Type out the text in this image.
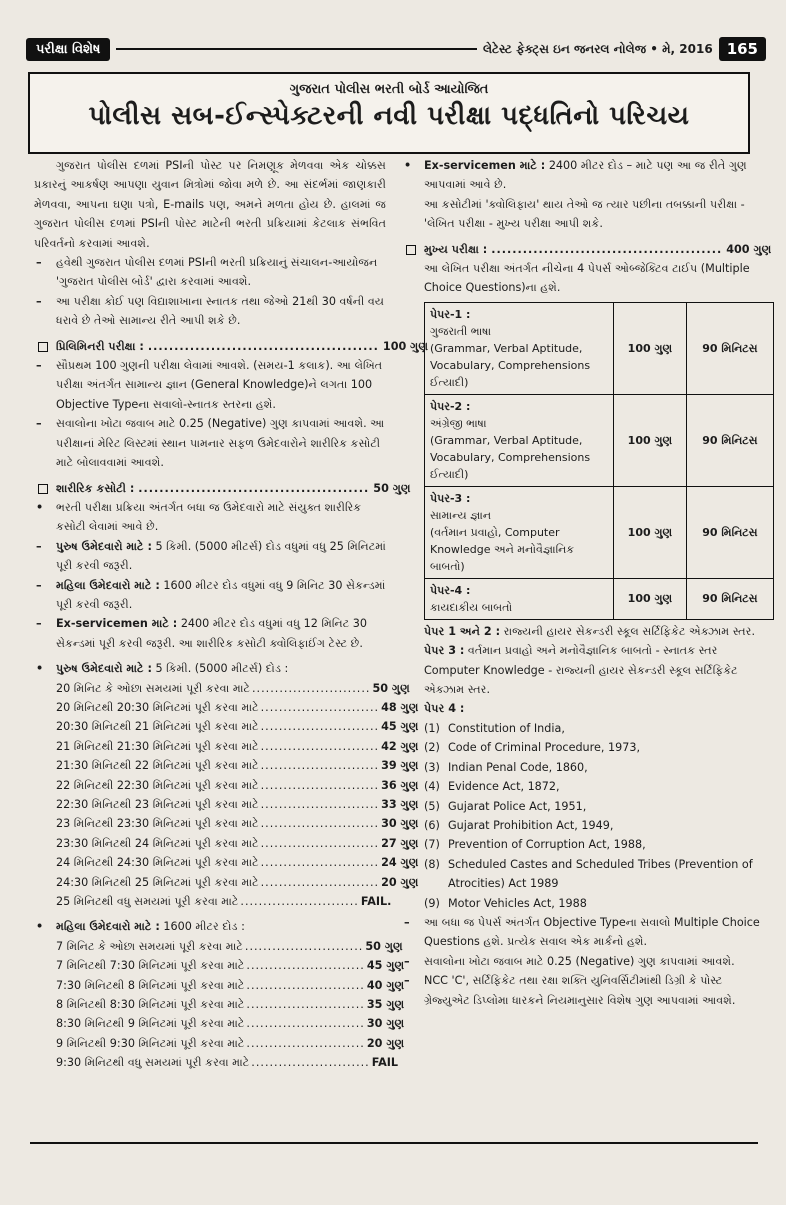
પરીક્ષા વિશેષ	લેટેસ્ટ ફેક્ટ્સ ઇન જનરલ નોલેજ • મે, 2016 165
ગુજરાત પોલીસ ભરતી બોર્ડ આયોજિત
પોલીસ સબ-ઈન્સ્પેક્ટરની નવી પરીક્ષા પદ્ધતિનો પરિચય

ગુજરાત પોલીસ દળમાં PSIની પોસ્ટ પર નિમણૂક મેળવવા એક ચોક્કસ પ્રકારનું આકર્ષણ આપણા યુવાન મિત્રોમાં જોવા મળે છે. આ સંદર્ભમાં જાણકારી મેળવવા, આપના ઘણા પત્રો, E-mails પણ, અમને મળતા હોય છે. હાલમાં જ ગુજરાત પોલીસ દળમાં PSIની પોસ્ટ માટેની ભરતી પ્રક્રિયામાં કેટલાક સંભવિત પરિવર્તનો કરવામાં આવશે.

– હવેથી ગુજરાત પોલીસ દળમાં PSIની ભરતી પ્રક્રિયાનું સંચાલન-આયોજન 'ગુજરાત પોલીસ બોર્ડ' દ્વારા કરવામાં આવશે.
– આ પરીક્ષા કોઈ પણ વિદ્યાશાખાના સ્નાતક તથા જેઓ 21થી 30 વર્ષની વય ધરાવે છે તેઓ સામાન્ય રીતે આપી શકે છે.
પ્રિલિમિનરી પરીક્ષા : ............................................ 100 ગુણ
– સૌપ્રથમ 100 ગુણની પરીક્ષા લેવામાં આવશે. (સમય-1 કલાક). આ લેખિત પરીક્ષા અંતર્ગત સામાન્ય જ્ઞાન (General Knowledge)ને લગતા 100 Objective Typeના સવાલો-સ્નાતક સ્તરના હશે.
– સવાલોના ખોટા જવાબ માટે 0.25 (Negative) ગુણ કાપવામાં આવશે. આ પરીક્ષાનાં મેરિટ લિસ્ટમાં સ્થાન પામનાર સફળ ઉમેદવારોને શારીરિક કસોટી માટે બોલાવવામાં આવશે.
શારીરિક કસોટી : ............................................ 50 ગુણ
• ભરતી પરીક્ષા પ્રક્રિયા અંતર્ગત બધા જ ઉમેદવારો માટે સંયુક્ત શારીરિક કસોટી લેવામાં આવે છે.
– પુરુષ ઉમેદવારો માટે : 5 કિમી. (5000 મીટર્સ) દોડ વધુમાં વધુ 25 મિનિટમાં પૂરી કરવી જરૂરી.
– મહિલા ઉમેદવારો માટે : 1600 મીટર દોડ વધુમાં વધુ 9 મિનિટ 30 સેકન્ડમાં પૂરી કરવી જરૂરી.
– Ex-servicemen માટે : 2400 મીટર દોડ વધુમાં વધુ 12 મિનિટ 30 સેકન્ડમાં પૂરી કરવી જરૂરી. આ શારીરિક કસોટી ક્વોલિફાઈંગ ટેસ્ટ છે.
• પુરુષ ઉમેદવારો માટે : 5 કિમી. (5000 મીટર્સ) દોડ :
20 મિનિટ કે ઓછા સમયમાં પૂરી કરવા માટે .......................... 50 ગુણ
20 મિનિટથી 20:30 મિનિટમાં પૂરી કરવા માટે .......................... 48 ગુણ
20:30 મિનિટથી 21 મિનિટમાં પૂરી કરવા માટે .......................... 45 ગુણ
21 મિનિટથી 21:30 મિનિટમાં પૂરી કરવા માટે .......................... 42 ગુણ
21:30 મિનિટથી 22 મિનિટમાં પૂરી કરવા માટે .......................... 39 ગુણ
22 મિનિટથી 22:30 મિનિટમાં પૂરી કરવા માટે .......................... 36 ગુણ
22:30 મિનિટથી 23 મિનિટમાં પૂરી કરવા માટે .......................... 33 ગુણ
23 મિનિટથી 23:30 મિનિટમાં પૂરી કરવા માટે .......................... 30 ગુણ
23:30 મિનિટથી 24 મિનિટમાં પૂરી કરવા માટે .......................... 27 ગુણ
24 મિનિટથી 24:30 મિનિટમાં પૂરી કરવા માટે .......................... 24 ગુણ
24:30 મિનિટથી 25 મિનિટમાં પૂરી કરવા માટે .......................... 20 ગુણ
25 મિનિટથી વધુ સમયમાં પૂરી કરવા માટે .......................... FAIL.
• મહિલા ઉમેદવારો માટે : 1600 મીટર દોડ :
7 મિનિટ કે ઓછા સમયમાં પૂરી કરવા માટે .......................... 50 ગુણ
7 મિનિટથી 7:30 મિનિટમાં પૂરી કરવા માટે .......................... 45 ગુણ
7:30 મિનિટથી 8 મિનિટમાં પૂરી કરવા માટે .......................... 40 ગુણ
8 મિનિટથી 8:30 મિનિટમાં પૂરી કરવા માટે .......................... 35 ગુણ
8:30 મિનિટથી 9 મિનિટમાં પૂરી કરવા માટે .......................... 30 ગુણ
9 મિનિટથી 9:30 મિનિટમાં પૂરી કરવા માટે .......................... 20 ગુણ
9:30 મિનિટથી વધુ સમયમાં પૂરી કરવા માટે .......................... FAIL
• Ex-servicemen માટે : 2400 મીટર દોડ – માટે પણ આ જ રીતે ગુણ આપવામાં આવે છે.
આ કસોટીમાં 'ક્વોલિફાય' થાય તેઓ જ ત્યાર પછીના તબક્કાની પરીક્ષા - 'લેખિત પરીક્ષા - મુખ્ય પરીક્ષા આપી શકે.
મુખ્ય પરીક્ષા : ............................................ 400 ગુણ
આ લેખિત પરીક્ષા અંતર્ગત નીચેના 4 પેપર્સ ઓબ્જેક્ટિવ ટાઈપ (Multiple Choice Questions)ના હશે.
પેપર-1 :
ગુજરાતી ભાષા
(Grammar, Verbal Aptitude, Vocabulary, Comprehensions ઈત્યાદી)	100 ગુણ	90 મિનિટસ

પેપર-2 :
અંગ્રેજી ભાષા
(Grammar, Verbal Aptitude, Vocabulary, Comprehensions ઈત્યાદી)	100 ગુણ	90 મિનિટસ

પેપર-3 :
સામાન્ય જ્ઞાન
(વર્તમાન પ્રવાહો, Computer Knowledge અને મનોવૈજ્ઞાનિક બાબતો)	100 ગુણ	90 મિનિટસ

પેપર-4 :
કાયદાકીય બાબતો	100 ગુણ	90 મિનિટસ
પેપર 1 અને 2 : રાજ્યની હાયર સેકન્ડરી સ્કૂલ સર્ટિફિકેટ એક્ઝામ સ્તર.
પેપર 3 : વર્તમાન પ્રવાહો અને મનોવૈજ્ઞાનિક બાબતો - સ્નાતક સ્તર Computer Knowledge - રાજ્યની હાયર સેકન્ડરી સ્કૂલ સર્ટિફિકેટ એક્ઝામ સ્તર.
પેપર 4 :
(1) Constitution of India,
(2) Code of Criminal Procedure, 1973,
(3) Indian Penal Code, 1860,
(4) Evidence Act, 1872,
(5) Gujarat Police Act, 1951,
(6) Gujarat Prohibition Act, 1949,
(7) Prevention of Corruption Act, 1988,
(8) Scheduled Castes and Scheduled Tribes (Prevention of Atrocities) Act 1989
(9) Motor Vehicles Act, 1988
– આ બધા જ પેપર્સ અંતર્ગત Objective Typeના સવાલો Multiple Choice Questions હશે. પ્રત્યેક સવાલ એક માર્કનો હશે.
– સવાલોના ખોટા જવાબ માટે 0.25 (Negative) ગુણ કાપવામાં આવશે.
– NCC 'C', સર્ટિફિકેટ તથા રક્ષા શક્તિ યુનિવર્સિટીમાંથી ડિગ્રી કે પોસ્ટ ગ્રેજ્યુએટ ડિપ્લોમા ધારકને નિયમાનુસાર વિશેષ ગુણ આપવામાં આવશે.
